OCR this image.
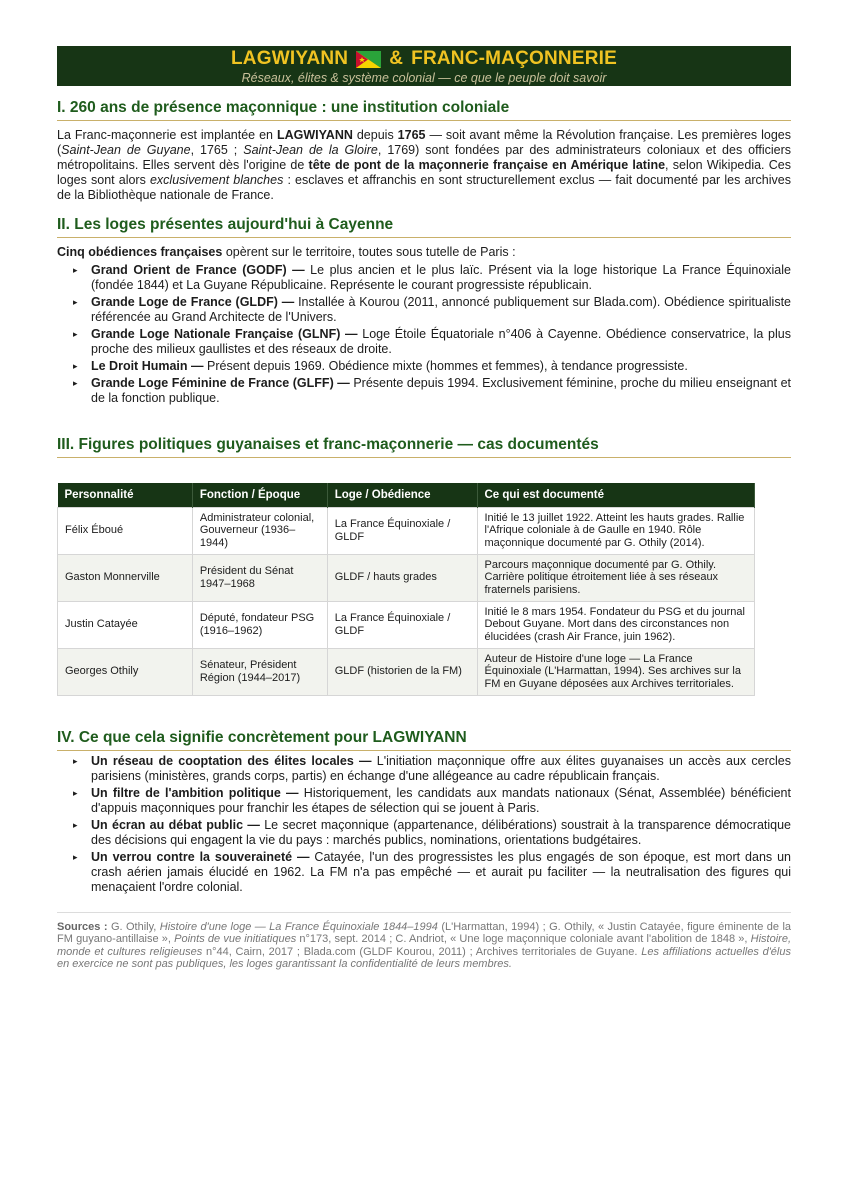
LAGWIYANN & FRANC-MAÇONNERIE
Réseaux, élites & système colonial — ce que le peuple doit savoir
I. 260 ans de présence maçonnique : une institution coloniale

La Franc-maçonnerie est implantée en LAGWIYANN depuis 1765 — soit avant même la Révolution française. Les premières loges (Saint-Jean de Guyane, 1765 ; Saint-Jean de la Gloire, 1769) sont fondées par des administrateurs coloniaux et des officiers métropolitains. Elles servent dès l'origine de tête de pont de la maçonnerie française en Amérique latine, selon Wikipedia. Ces loges sont alors exclusivement blanches : esclaves et affranchis en sont structurellement exclus — fait documenté par les archives de la Bibliothèque nationale de France.

II. Les loges présentes aujourd'hui à Cayenne

Cinq obédiences françaises opèrent sur le territoire, toutes sous tutelle de Paris :

▸ Grand Orient de France (GODF) — Le plus ancien et le plus laïc. Présent via la loge historique La France Équinoxiale (fondée 1844) et La Guyane Républicaine. Représente le courant progressiste républicain.
▸ Grande Loge de France (GLDF) — Installée à Kourou (2011, annoncé publiquement sur Blada.com). Obédience spiritualiste référencée au Grand Architecte de l'Univers.
▸ Grande Loge Nationale Française (GLNF) — Loge Étoile Équatoriale n°406 à Cayenne. Obédience conservatrice, la plus proche des milieux gaullistes et des réseaux de droite.
▸ Le Droit Humain — Présent depuis 1969. Obédience mixte (hommes et femmes), à tendance progressiste.
▸ Grande Loge Féminine de France (GLFF) — Présente depuis 1994. Exclusivement féminine, proche du milieu enseignant et de la fonction publique.
III. Figures politiques guyanaises et franc-maçonnerie — cas documentés
Personnalité	Fonction / Époque	Loge / Obédience	Ce qui est documenté
Félix Éboué	Administrateur colonial, Gouverneur (1936–1944)	La France Équinoxiale / GLDF	Initié le 13 juillet 1922. Atteint les hauts grades. Rallie l'Afrique coloniale à de Gaulle en 1940. Rôle maçonnique documenté par G. Othily (2014).
Gaston Monnerville	Président du Sénat 1947–1968	GLDF / hauts grades	Parcours maçonnique documenté par G. Othily. Carrière politique étroitement liée à ses réseaux fraternels parisiens.
Justin Catayée	Député, fondateur PSG (1916–1962)	La France Équinoxiale / GLDF	Initié le 8 mars 1954. Fondateur du PSG et du journal Debout Guyane. Mort dans des circonstances non élucidées (crash Air France, juin 1962).
Georges Othily	Sénateur, Président Région (1944–2017)	GLDF (historien de la FM)	Auteur de Histoire d'une loge — La France Équinoxiale (L'Harmattan, 1994). Ses archives sur la FM en Guyane déposées aux Archives territoriales.
IV. Ce que cela signifie concrètement pour LAGWIYANN
▸ Un réseau de cooptation des élites locales — L'initiation maçonnique offre aux élites guyanaises un accès aux cercles parisiens (ministères, grands corps, partis) en échange d'une allégeance au cadre républicain français.
▸ Un filtre de l'ambition politique — Historiquement, les candidats aux mandats nationaux (Sénat, Assemblée) bénéficient d'appuis maçonniques pour franchir les étapes de sélection qui se jouent à Paris.
▸ Un écran au débat public — Le secret maçonnique (appartenance, délibérations) soustrait à la transparence démocratique des décisions qui engagent la vie du pays : marchés publics, nominations, orientations budgétaires.
▸ Un verrou contre la souveraineté — Catayée, l'un des progressistes les plus engagés de son époque, est mort dans un crash aérien jamais élucidé en 1962. La FM n'a pas empêché — et aurait pu faciliter — la neutralisation des figures qui menaçaient l'ordre colonial.

Sources : G. Othily, Histoire d'une loge — La France Équinoxiale 1844–1994 (L'Harmattan, 1994) ; G. Othily, « Justin Catayée, figure éminente de la FM guyano-antillaise », Points de vue initiatiques n°173, sept. 2014 ; C. Andriot, « Une loge maçonnique coloniale avant l'abolition de 1848 », Histoire, monde et cultures religieuses n°44, Cairn, 2017 ; Blada.com (GLDF Kourou, 2011) ; Archives territoriales de Guyane. Les affiliations actuelles d'élus en exercice ne sont pas publiques, les loges garantissant la confidentialité de leurs membres.
